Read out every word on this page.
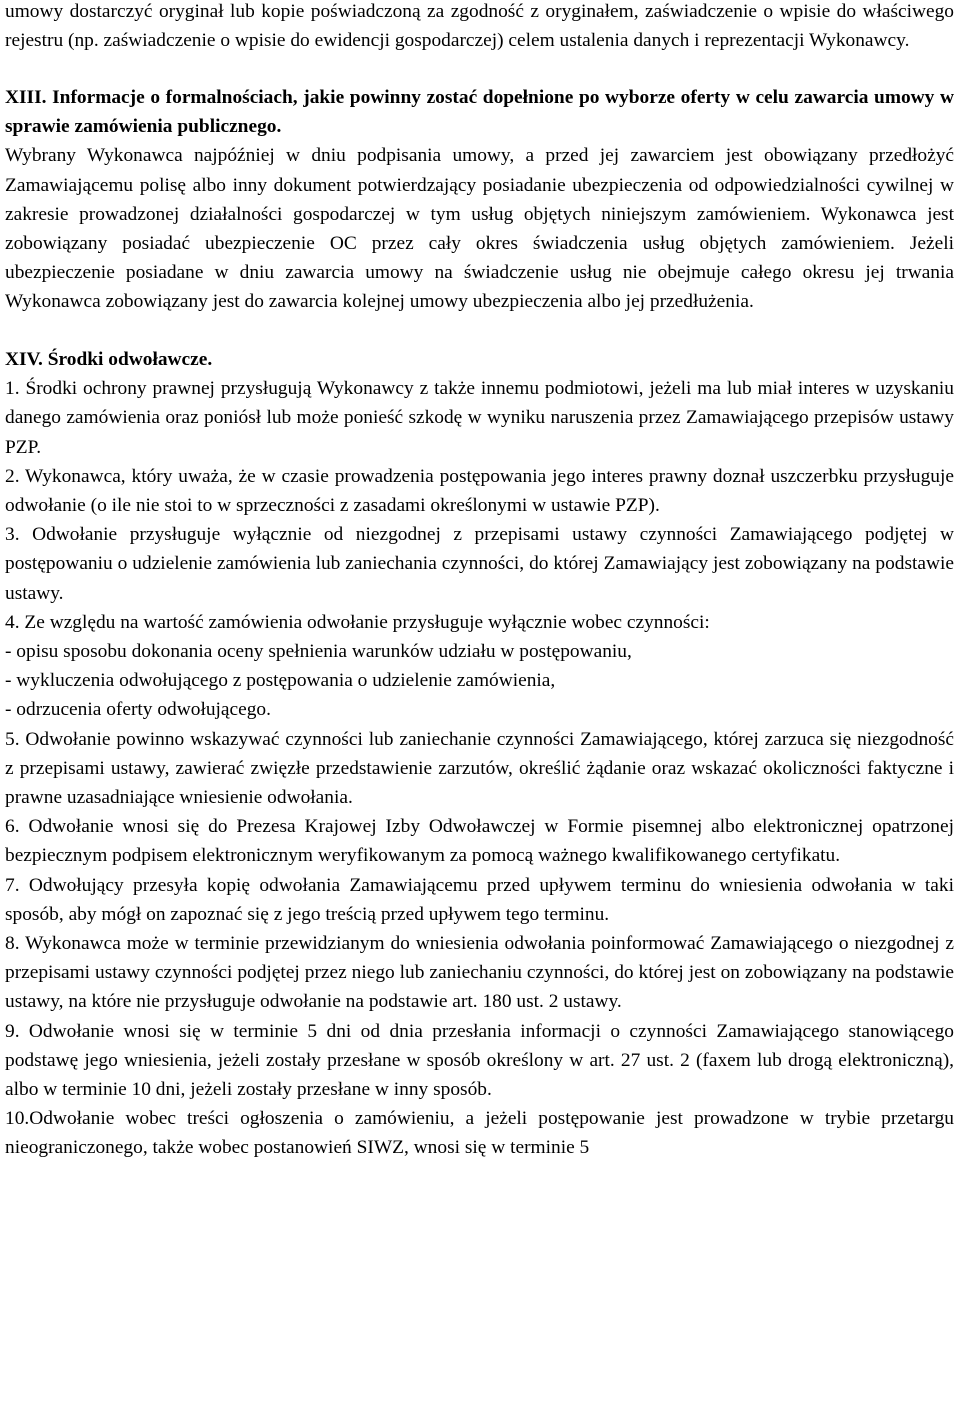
umowy dostarczyć oryginał lub kopie poświadczoną za zgodność z oryginałem, zaświadczenie o wpisie do właściwego rejestru (np. zaświadczenie o wpisie do ewidencji gospodarczej) celem ustalenia danych i reprezentacji Wykonawcy.

XIII. Informacje o formalnościach, jakie powinny zostać dopełnione po wyborze oferty w celu zawarcia umowy w sprawie zamówienia publicznego.

Wybrany Wykonawca najpóźniej w dniu podpisania umowy, a przed jej zawarciem jest obowiązany przedłożyć Zamawiającemu polisę albo inny dokument potwierdzający posiadanie ubezpieczenia od odpowiedzialności cywilnej w zakresie prowadzonej działalności gospodarczej w tym usług objętych niniejszym zamówieniem. Wykonawca jest zobowiązany posiadać ubezpieczenie OC przez cały okres świadczenia usług objętych zamówieniem. Jeżeli ubezpieczenie posiadane w dniu zawarcia umowy na świadczenie usług nie obejmuje całego okresu jej trwania Wykonawca zobowiązany jest do zawarcia kolejnej umowy ubezpieczenia albo jej przedłużenia.

XIV. Środki odwoławcze.

1. Środki ochrony prawnej przysługują Wykonawcy z także innemu podmiotowi, jeżeli ma lub miał interes w uzyskaniu danego zamówienia oraz poniósł lub może ponieść szkodę w wyniku naruszenia przez Zamawiającego przepisów ustawy PZP.

2. Wykonawca, który uważa, że w czasie prowadzenia postępowania jego interes prawny doznał uszczerbku przysługuje odwołanie (o ile nie stoi to w sprzeczności z zasadami określonymi w ustawie PZP).

3. Odwołanie przysługuje wyłącznie od niezgodnej z przepisami ustawy czynności Zamawiającego podjętej w postępowaniu o udzielenie zamówienia lub zaniechania czynności, do której Zamawiający jest zobowiązany na podstawie ustawy.

4. Ze względu na wartość zamówienia odwołanie przysługuje wyłącznie wobec czynności:

- opisu sposobu dokonania oceny spełnienia warunków udziału w postępowaniu,

- wykluczenia odwołującego z postępowania o udzielenie zamówienia,

- odrzucenia oferty odwołującego.

5. Odwołanie powinno wskazywać czynności lub zaniechanie czynności Zamawiającego, której zarzuca się niezgodność z przepisami ustawy, zawierać zwięzłe przedstawienie zarzutów, określić żądanie oraz wskazać okoliczności faktyczne i prawne uzasadniające wniesienie odwołania.

6. Odwołanie wnosi się do Prezesa Krajowej Izby Odwoławczej w Formie pisemnej albo elektronicznej opatrzonej bezpiecznym podpisem elektronicznym weryfikowanym za pomocą ważnego kwalifikowanego certyfikatu.

7. Odwołujący przesyła kopię odwołania Zamawiającemu przed upływem terminu do wniesienia odwołania w taki sposób, aby mógł on zapoznać się z jego treścią przed upływem tego terminu.

8. Wykonawca może w terminie przewidzianym do wniesienia odwołania poinformować Zamawiającego o niezgodnej z przepisami ustawy czynności podjętej przez niego lub zaniechaniu czynności, do której jest on zobowiązany na podstawie ustawy, na które nie przysługuje odwołanie na podstawie art. 180 ust. 2 ustawy.

9. Odwołanie wnosi się w terminie 5 dni od dnia przesłania informacji o czynności Zamawiającego stanowiącego podstawę jego wniesienia, jeżeli zostały przesłane w sposób określony w art. 27 ust. 2 (faxem lub drogą elektroniczną), albo w terminie 10 dni, jeżeli zostały przesłane w inny sposób.

10.Odwołanie wobec treści ogłoszenia o zamówieniu, a jeżeli postępowanie jest prowadzone w trybie przetargu nieograniczonego, także wobec postanowień SIWZ, wnosi się w terminie 5
